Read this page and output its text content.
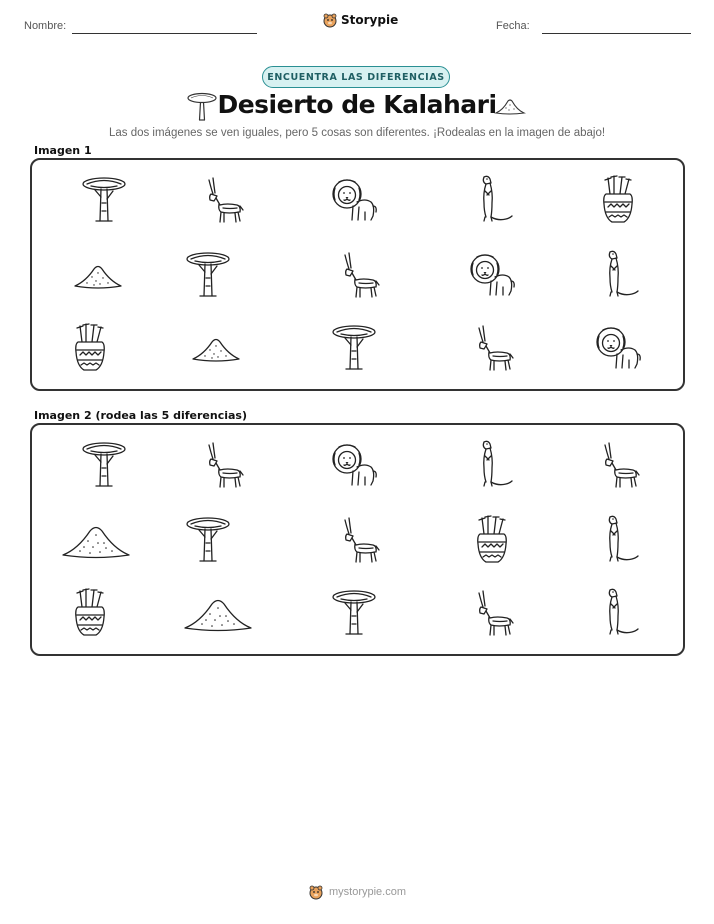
Nombre:	Storypie	Fecha:
ENCUENTRA LAS DIFERENCIAS
Desierto de Kalahari
Las dos imágenes se ven iguales, pero 5 cosas son diferentes. ¡Rodealas en la imagen de abajo!
Imagen 1
Imagen 2 (rodea las 5 diferencias)
mystorypie.com
